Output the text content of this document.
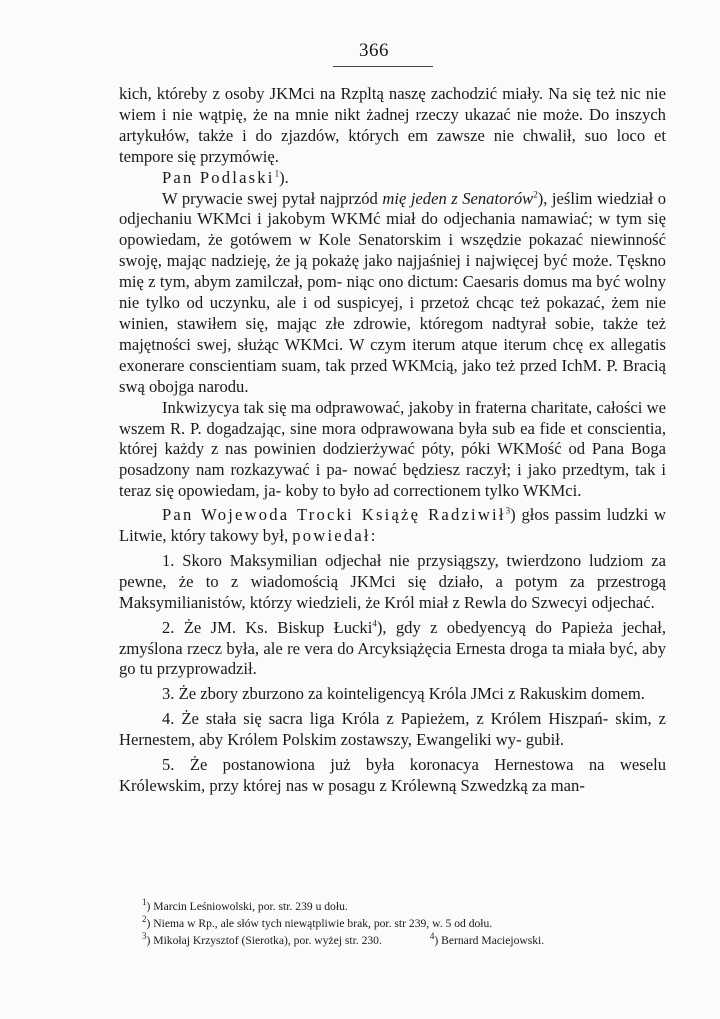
366

kich, któreby z osoby JKMci na Rzpltą naszę zachodzić miały. Na się też nic nie wiem i nie wątpię, że na mnie nikt żadnej rzeczy ukazać nie może. Do inszych artykułów, także i do zjazdów, których em zawsze nie chwalił, suo loco et tempore się przymówię.

Pan Podlaski$^1$).

W prywacie swej pytał najprzód mię jeden z Senatorów$^2$), jeślim wiedział o odjechaniu WKMci i jakobym WKMć miał do odjechania namawiać; w tym się opowiedam, że gotówem w Kole Senatorskim i wszędzie pokazać niewinność swoję, mając nadzieję, że ją pokażę jako najjaśniej i najwięcej być może. Tęskno mię z tym, abym zamilczał, pom- niąc ono dictum: Caesaris domus ma być wolny nie tylko od uczynku, ale i od suspicyej, i przetoż chcąc też pokazać, żem nie winien, stawiłem się, mając złe zdrowie, któregom nadtyrał sobie, także też majętności swej, służąc WKMci. W czym iterum atque iterum chcę ex allegatis exonerare conscientiam suam, tak przed WKMcią, jako też przed IchM. P. Bracią swą obojga narodu.

Inkwizycya tak się ma odprawować, jakoby in fraterna charitate, całości we wszem R. P. dogadzając, sine mora odprawowana była sub ea fide et conscientia, której każdy z nas powinien dodzierżywać póty, póki WKMość od Pana Boga posadzony nam rozkazywać i pa- nować będziesz raczył; i jako przedtym, tak i teraz się opowiedam, ja- koby to było ad correctionem tylko WKMci.

Pan Wojewoda Trocki Książę Radziwił$^3$) głos passim ludzki w Litwie, który takowy był, powiedał:

1. Skoro Maksymilian odjechał nie przysiągszy, twierdzono ludziom za pewne, że to z wiadomością JKMci się działo, a potym za przestrogą Maksymilianistów, którzy wiedzieli, że Król miał z Rewla do Szwecyi odjechać.

2. Że JM. Ks. Biskup Łucki$^4$), gdy z obedyencyą do Papieża jechał, zmyślona rzecz była, ale re vera do Arcyksiążęcia Ernesta droga ta miała być, aby go tu przyprowadził.

3. Że zbory zburzono za kointeligencyą Króla JMci z Rakuskim domem.

4. Że stała się sacra liga Króla z Papieżem, z Królem Hiszpań- skim, z Hernestem, aby Królem Polskim zostawszy, Ewangeliki wy- gubił.

5. Że postanowiona już była koronacya Hernestowa na weselu Królewskim, przy której nas w posagu z Królewną Szwedzką za man-

$^1$) Marcin Leśniowolski, por. str. 239 u dołu.

$^2$) Niema w Rp., ale słów tych niewątpliwie brak, por. str 239, w. 5 od dołu.

$^3$) Mikołaj Krzysztof (Sierotka), por. wyżej str. 230.	$^4$) Bernard Maciejowski.
